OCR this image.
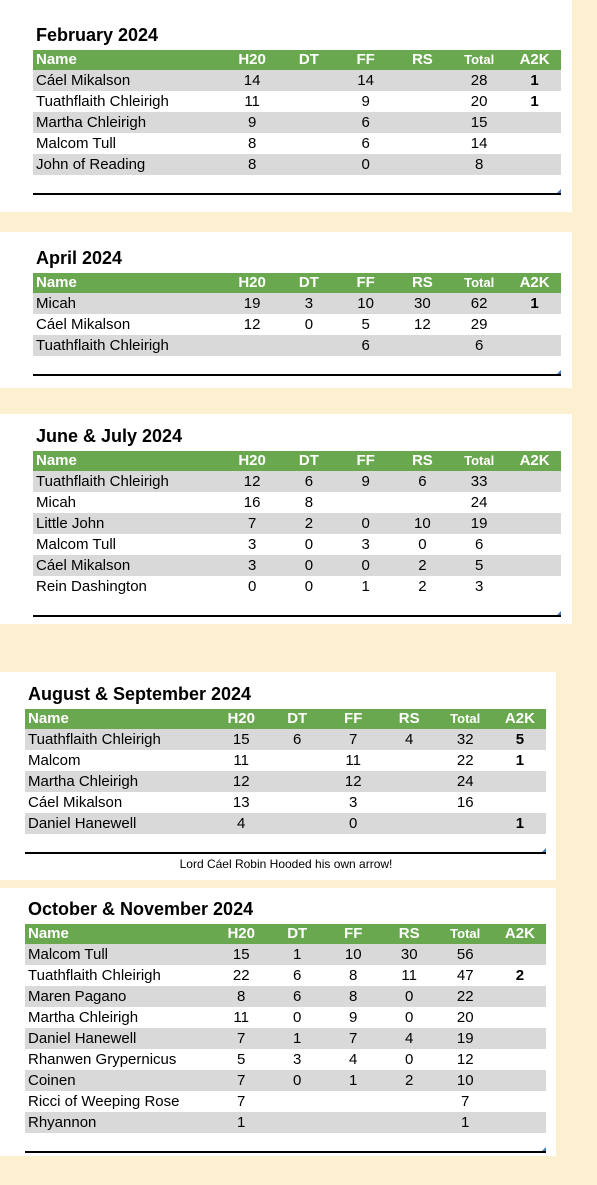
February 2024
Name	H20	DT	FF	RS	Total	A2K
Cáel Mikalson	14		14		28	1
Tuathflaith Chleirigh	11		9		20	1
Martha Chleirigh	9		6		15	
Malcom Tull	8		6		14	
John of Reading	8		0		8	
April 2024
Name	H20	DT	FF	RS	Total	A2K
Micah	19	3	10	30	62	1
Cáel Mikalson	12	0	5	12	29	
Tuathflaith Chleirigh			6		6	
June & July 2024
Name	H20	DT	FF	RS	Total	A2K
Tuathflaith Chleirigh	12	6	9	6	33	
Micah	16	8			24	
Little John	7	2	0	10	19	
Malcom Tull	3	0	3	0	6	
Cáel Mikalson	3	0	0	2	5	
Rein Dashington	0	0	1	2	3	
August & September 2024
Name	H20	DT	FF	RS	Total	A2K
Tuathflaith Chleirigh	15	6	7	4	32	5
Malcom	11		11		22	1
Martha Chleirigh	12		12		24	
Cáel Mikalson	13		3		16	
Daniel Hanewell	4		0			1
Lord Cáel Robin Hooded his own arrow!
October & November 2024
Name	H20	DT	FF	RS	Total	A2K
Malcom Tull	15	1	10	30	56	
Tuathflaith Chleirigh	22	6	8	11	47	2
Maren Pagano	8	6	8	0	22	
Martha Chleirigh	11	0	9	0	20	
Daniel Hanewell	7	1	7	4	19	
Rhanwen Grypernicus	5	3	4	0	12	
Coinen	7	0	1	2	10	
Ricci of Weeping Rose	7				7	
Rhyannon	1				1	
